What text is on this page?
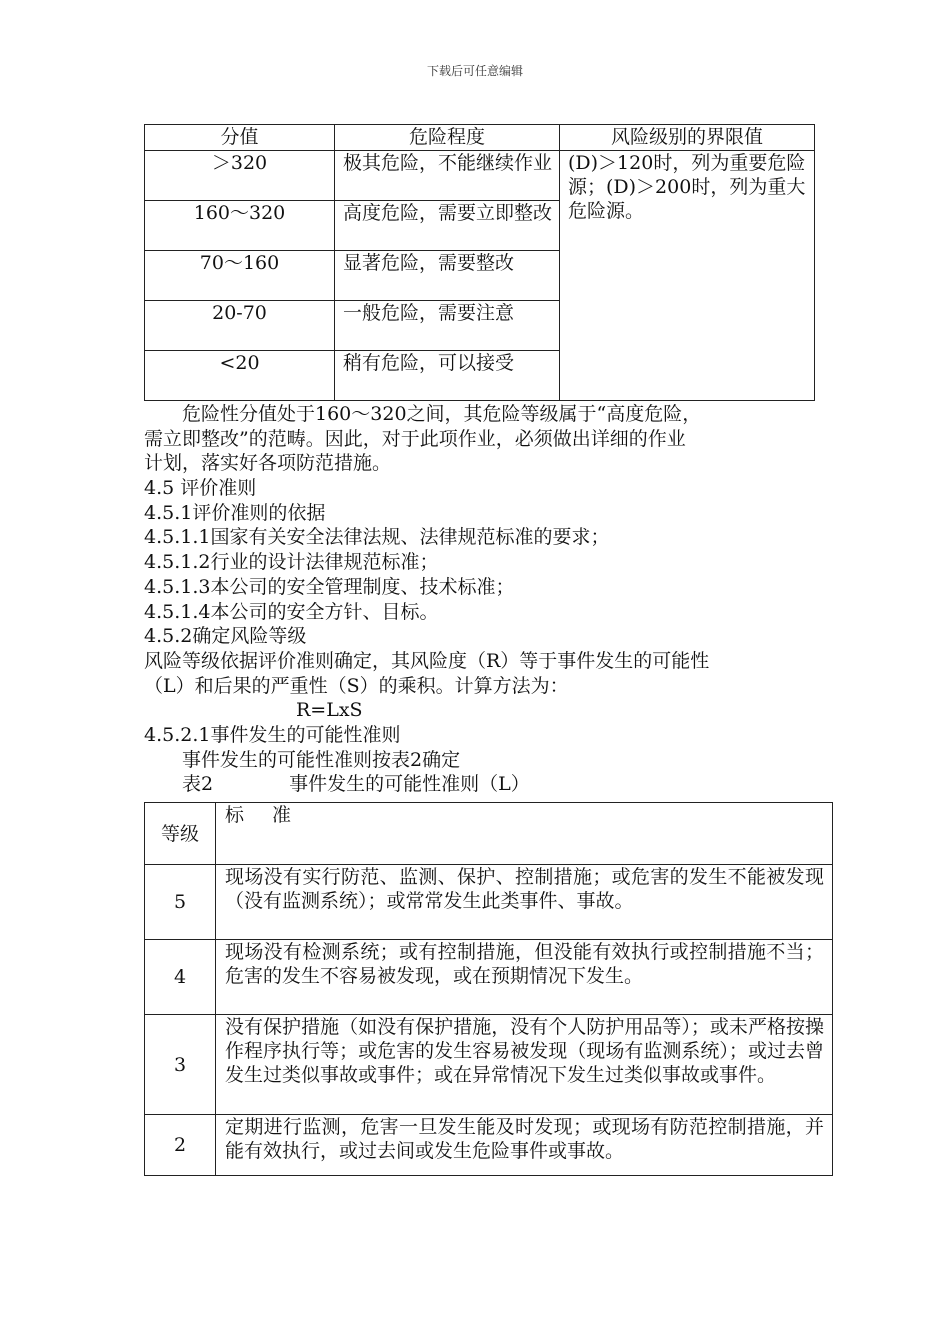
下载后可任意编辑
分值	危险程度	风险级别的界限值
＞320	极其危险，不能继续作业	(D)＞120时，列为重要危险源；(D)＞200时，列为重大危险源。
160～320	高度危险，需要立即整改	
70～160	显著危险，需要整改	
20-70	一般危险，需要注意	
<20	稍有危险，可以接受	
　　危险性分值处于160～320之间，其危险等级属于“高度危险，
需立即整改”的范畴。因此，对于此项作业，必须做出详细的作业
计划，落实好各项防范措施。
4.5 评价准则
4.5.1评价准则的依据
4.5.1.1国家有关安全法律法规、法律规范标准的要求；
4.5.1.2行业的设计法律规范标准；
4.5.1.3本公司的安全管理制度、技术标准；
4.5.1.4本公司的安全方针、目标。
4.5.2确定风险等级
风险等级依据评价准则确定，其风险度（R）等于事件发生的可能性
（L）和后果的严重性（S）的乘积。计算方法为：
　　　　　　　　R=LxS
4.5.2.1事件发生的可能性准则
　　事件发生的可能性准则按表2确定
　　表2　　　　事件发生的可能性准则（L）
等级	标准
5	现场没有实行防范、监测、保护、控制措施；或危害的发生不能被发现（没有监测系统）；或常常发生此类事件、事故。
4	现场没有检测系统；或有控制措施，但没能有效执行或控制措施不当；危害的发生不容易被发现，或在预期情况下发生。
3	没有保护措施（如没有保护措施，没有个人防护用品等）；或未严格按操作程序执行等；或危害的发生容易被发现（现场有监测系统）；或过去曾发生过类似事故或事件；或在异常情况下发生过类似事故或事件。
2	定期进行监测，危害一旦发生能及时发现；或现场有防范控制措施，并能有效执行，或过去间或发生危险事件或事故。
